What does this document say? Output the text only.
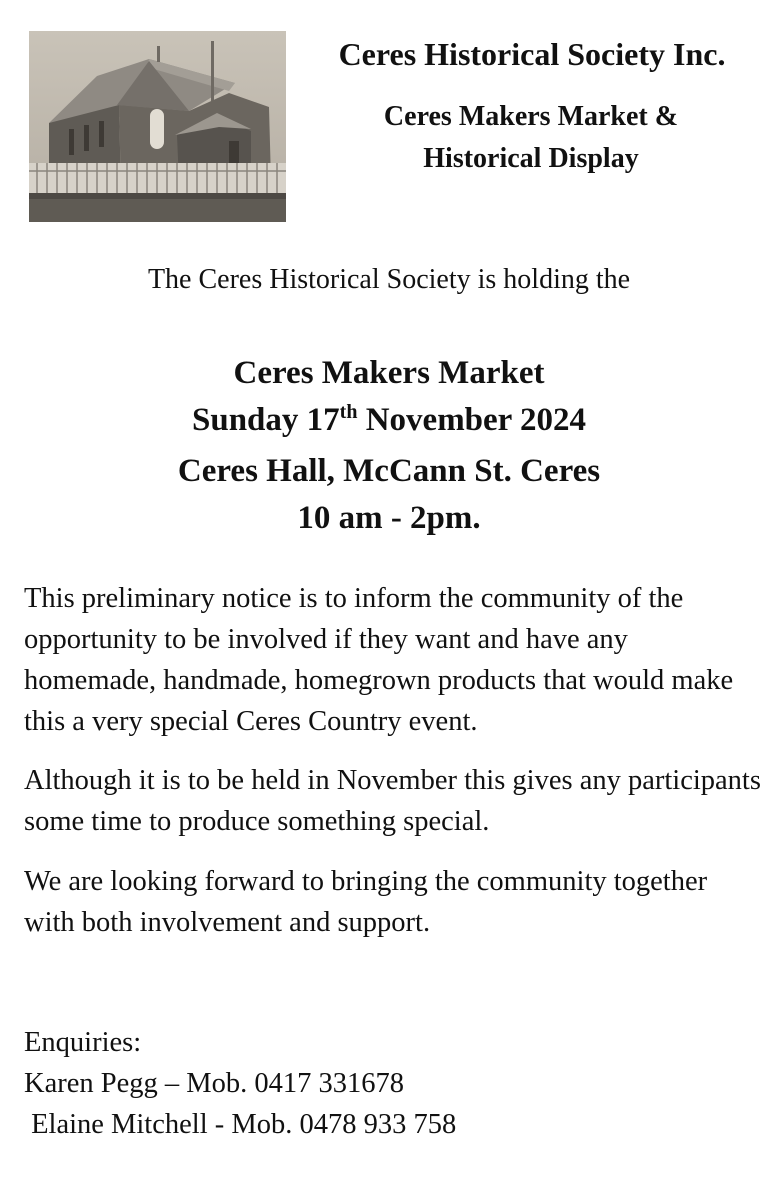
Ceres Historical Society Inc.
Ceres Makers Market &
Historical Display
The Ceres Historical Society is holding the
Ceres Makers Market
Sunday 17th November 2024
Ceres Hall, McCann St. Ceres
10 am - 2pm.

This preliminary notice is to inform the community of the opportunity to be involved if they want and have any homemade, handmade, homegrown products that would make this a very special Ceres Country event.

Although it is to be held in November this gives any participants some time to produce something special.

We are looking forward to bringing the community together with both involvement and support.

Enquiries:
Karen Pegg – Mob. 0417 331678
Elaine Mitchell - Mob. 0478 933 758
